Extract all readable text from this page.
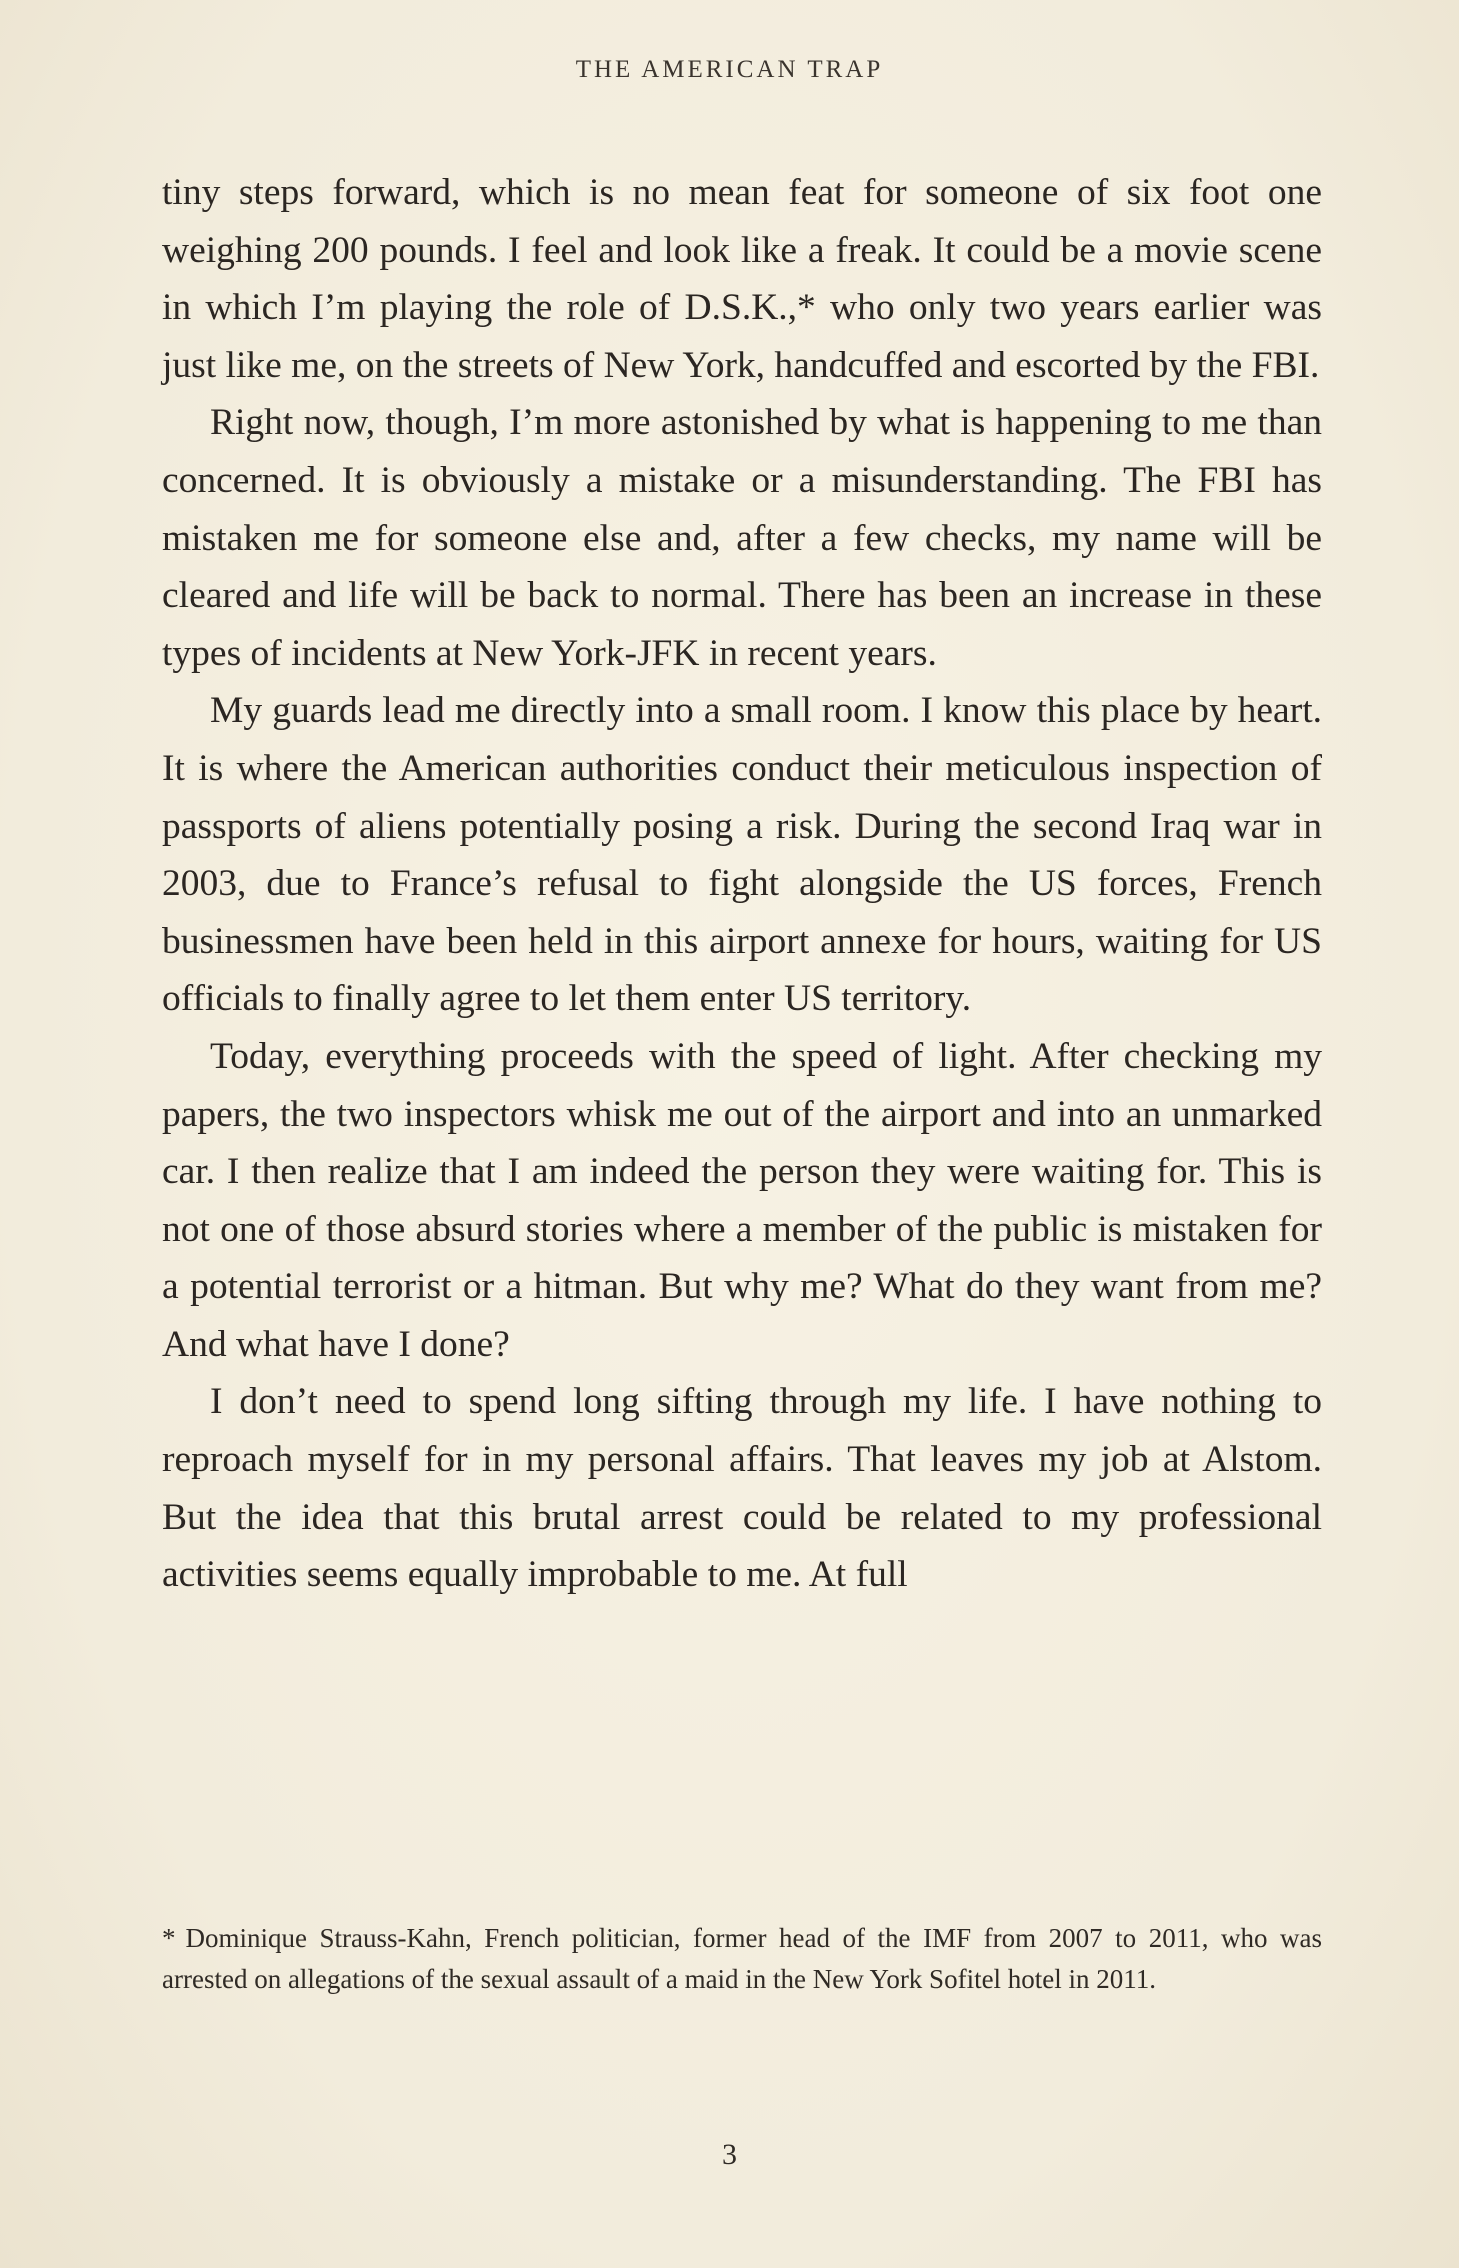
THE AMERICAN TRAP

tiny steps forward, which is no mean feat for someone of six foot one weighing 200 pounds. I feel and look like a freak. It could be a movie scene in which I’m playing the role of D.S.K.,* who only two years earlier was just like me, on the streets of New York, handcuffed and escorted by the FBI.

Right now, though, I’m more astonished by what is happening to me than concerned. It is obviously a mistake or a misunderstanding. The FBI has mistaken me for someone else and, after a few checks, my name will be cleared and life will be back to normal. There has been an increase in these types of incidents at New York-JFK in recent years.

My guards lead me directly into a small room. I know this place by heart. It is where the American authorities conduct their meticulous inspection of passports of aliens potentially posing a risk. During the second Iraq war in 2003, due to France’s refusal to fight alongside the US forces, French businessmen have been held in this airport annexe for hours, waiting for US officials to finally agree to let them enter US territory.

Today, everything proceeds with the speed of light. After checking my papers, the two inspectors whisk me out of the airport and into an unmarked car. I then realize that I am indeed the person they were waiting for. This is not one of those absurd stories where a member of the public is mistaken for a potential terrorist or a hitman. But why me? What do they want from me? And what have I done?

I don’t need to spend long sifting through my life. I have nothing to reproach myself for in my personal affairs. That leaves my job at Alstom. But the idea that this brutal arrest could be related to my professional activities seems equally improbable to me. At full

* Dominique Strauss-Kahn, French politician, former head of the IMF from 2007 to 2011, who was arrested on allegations of the sexual assault of a maid in the New York Sofitel hotel in 2011.
3
